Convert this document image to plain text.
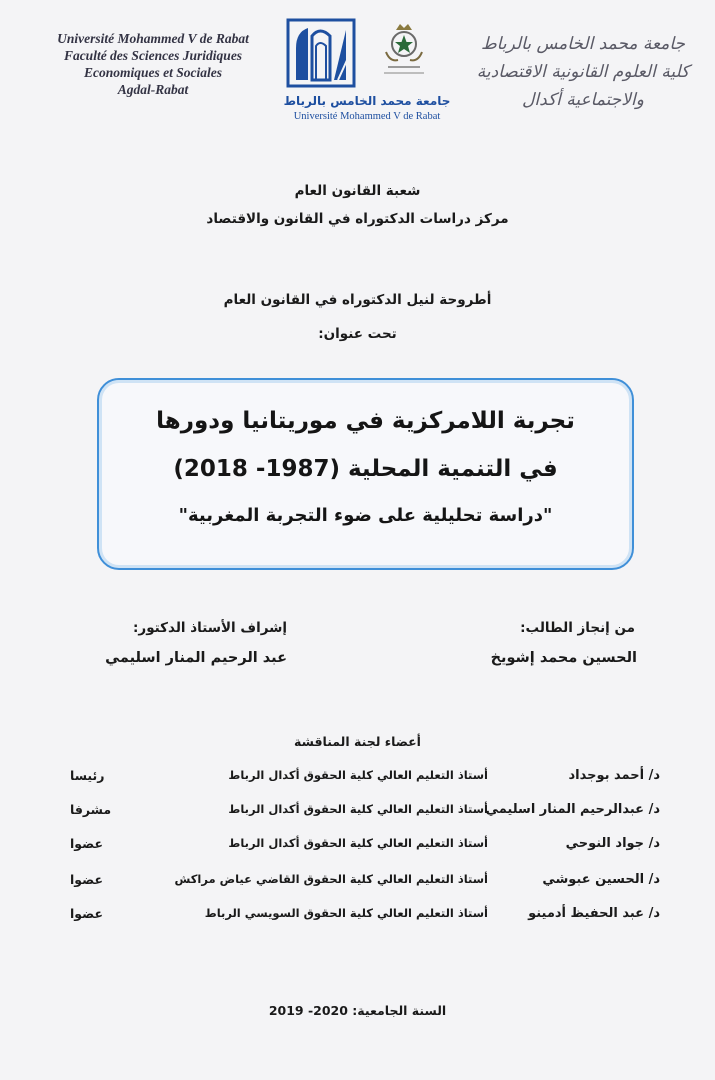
Université Mohammed V de Rabat
Faculté des Sciences Juridiques
Economiques et Sociales
Agdal-Rabat
جامعة محمد الخامس بالرباط
Université Mohammed V de Rabat
جامعة محمد الخامس بالرباط
كلية العلوم القانونية الاقتصادية
والاجتماعية أكدال
شعبة القانون العام
مركز دراسات الدكتوراه في القانون والاقتصاد
أطروحة لنيل الدكتوراه في القانون العام
تحت عنوان:
تجربة اللامركزية في موريتانيا ودورها
في التنمية المحلية (1987- 2018)
"دراسة تحليلية على ضوء التجربة المغربية"
من إنجاز الطالب:
الحسين محمد إشويخ
إشراف الأستاذ الدكتور:
عبد الرحيم المنار اسليمي
أعضاء لجنة المناقشة
د/ أحمد بوجداد
أستاذ التعليم العالي كلية الحقوق أكدال الرباط
رئيسا
د/ عبدالرحيم المنار اسليمي
أستاذ التعليم العالي كلية الحقوق أكدال الرباط
مشرفا
د/ جواد النوحي
أستاذ التعليم العالي كلية الحقوق أكدال الرباط
عضوا
د/ الحسين عبوشي
أستاذ التعليم العالي كلية الحقوق القاضي عياض مراكش
عضوا
د/ عبد الحفيظ أدمينو
أستاذ التعليم العالي كلية الحقوق السويسي الرباط
عضوا
السنة الجامعية: 2019 -2020
